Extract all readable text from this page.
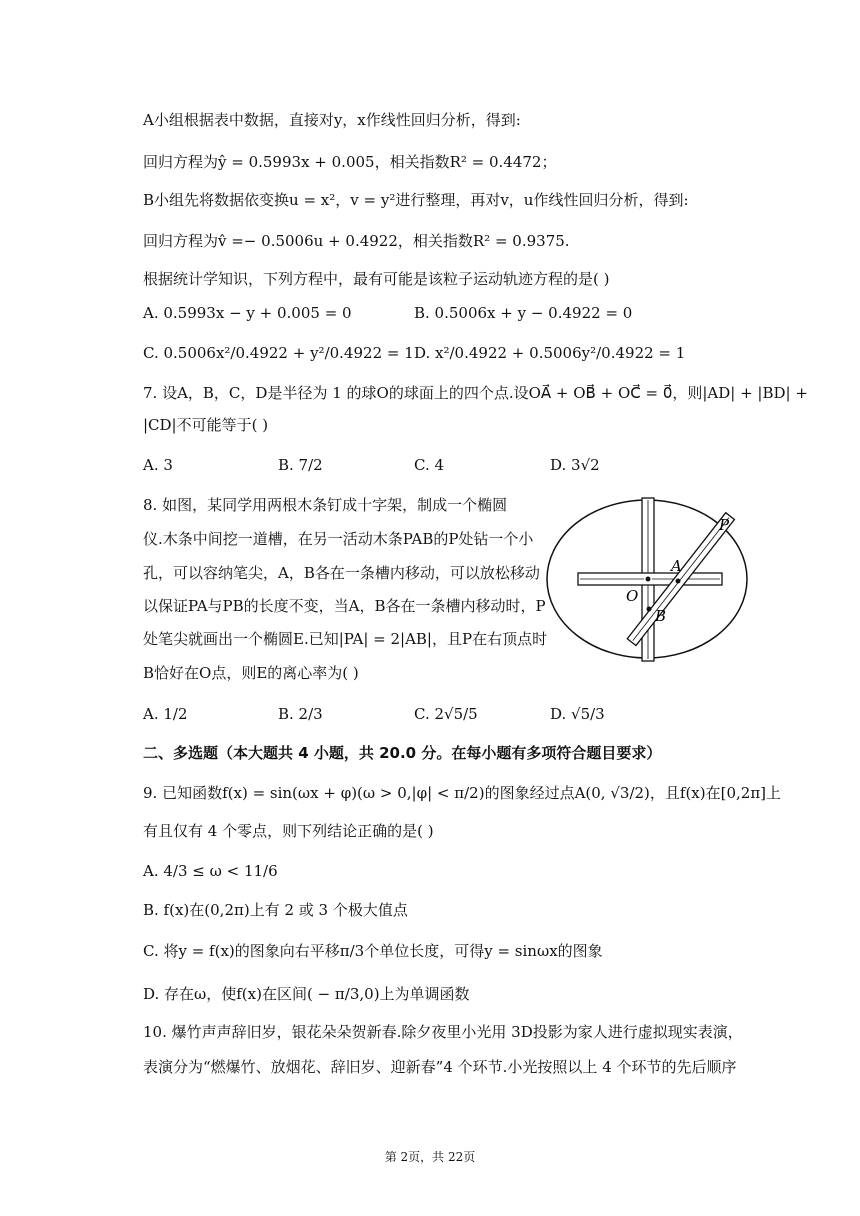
A小组根据表中数据，直接对y，x作线性回归分析，得到:
回归方程为ŷ = 0.5993x + 0.005，相关指数R² = 0.4472；
B小组先将数据依变换u = x²，v = y²进行整理，再对v，u作线性回归分析，得到:
回归方程为v̂ =− 0.5006u + 0.4922，相关指数R² = 0.9375.
根据统计学知识，下列方程中，最有可能是该粒子运动轨迹方程的是( )
A. 0.5993x − y + 0.005 = 0	B. 0.5006x + y − 0.4922 = 0
C. 0.5006x²/0.4922 + y²/0.4922 = 1 D. x²/0.4922 + 0.5006y²/0.4922 = 1
7. 设A，B，C，D是半径为 1 的球O的球面上的四个点.设OA⃗ + OB⃗ + OC⃗ = 0⃗，则|AD| + |BD| +
|CD|不可能等于( )
A. 3	B. 7/2	C. 4	D. 3√2
8. 如图，某同学用两根木条钉成十字架，制成一个椭圆
仪.木条中间挖一道槽，在另一活动木条PAB的P处钻一个小
孔，可以容纳笔尖，A，B各在一条槽内移动，可以放松移动
以保证PA与PB的长度不变，当A，B各在一条槽内移动时，P
处笔尖就画出一个椭圆E.已知|PA| = 2|AB|，且P在右顶点时
B恰好在O点，则E的离心率为( )
P
A
O
B
A. 1/2	B. 2/3	C. 2√5/5	D. √5/3
二、多选题（本大题共 4 小题，共 20.0 分。在每小题有多项符合题目要求）
9. 已知函数f(x) = sin(ωx + φ)(ω > 0,|φ| < π/2)的图象经过点A(0, √3/2)，且f(x)在[0,2π]上
有且仅有 4 个零点，则下列结论正确的是( )
A. 4/3 ≤ ω < 11/6
B. f(x)在(0,2π)上有 2 或 3 个极大值点
C. 将y = f(x)的图象向右平移π/3个单位长度，可得y = sinωx的图象
D. 存在ω，使f(x)在区间( − π/3,0)上为单调函数
10. 爆竹声声辞旧岁，银花朵朵贺新春.除夕夜里小光用 3D投影为家人进行虚拟现实表演，
表演分为“燃爆竹、放烟花、辞旧岁、迎新春”4 个环节.小光按照以上 4 个环节的先后顺序
第 2页，共 22页
